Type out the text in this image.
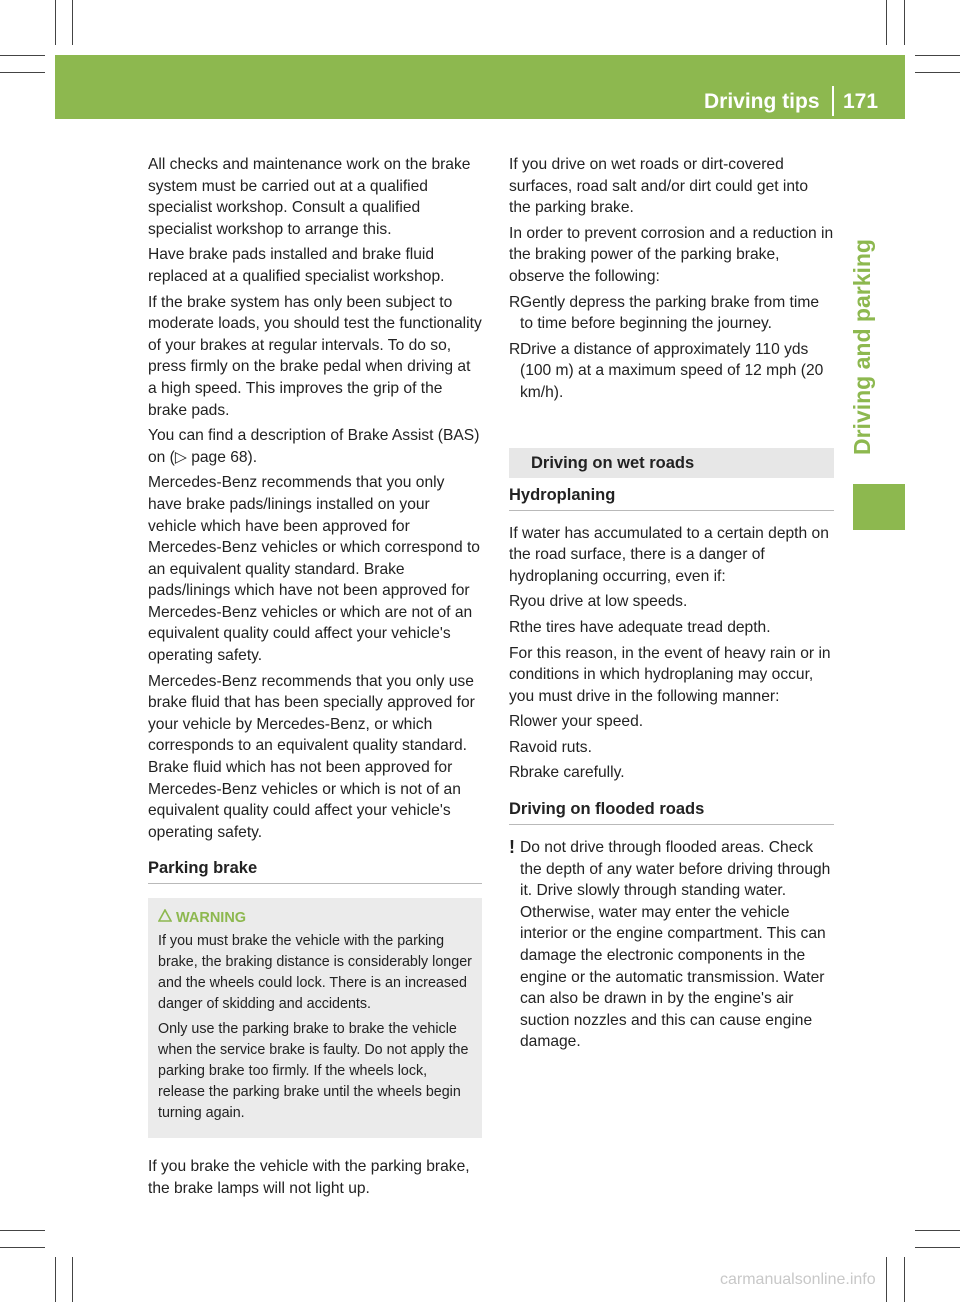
Driving tips 171
Driving and parking

All checks and maintenance work on the brake system must be carried out at a qualified specialist workshop. Consult a qualified specialist workshop to arrange this.

Have brake pads installed and brake fluid replaced at a qualified specialist workshop.

If the brake system has only been subject to moderate loads, you should test the functionality of your brakes at regular intervals. To do so, press firmly on the brake pedal when driving at a high speed. This improves the grip of the brake pads.

You can find a description of Brake Assist (BAS) on (▷ page 68).

Mercedes-Benz recommends that you only have brake pads/linings installed on your vehicle which have been approved for Mercedes-Benz vehicles or which correspond to an equivalent quality standard. Brake pads/linings which have not been approved for Mercedes-Benz vehicles or which are not of an equivalent quality could affect your vehicle's operating safety.

Mercedes-Benz recommends that you only use brake fluid that has been specially approved for your vehicle by Mercedes-Benz, or which corresponds to an equivalent quality standard. Brake fluid which has not been approved for Mercedes-Benz vehicles or which is not of an equivalent quality could affect your vehicle's operating safety.

Parking brake
WARNING

If you must brake the vehicle with the parking brake, the braking distance is considerably longer and the wheels could lock. There is an increased danger of skidding and accidents.

Only use the parking brake to brake the vehicle when the service brake is faulty. Do not apply the parking brake too firmly. If the wheels lock, release the parking brake until the wheels begin turning again.

If you brake the vehicle with the parking brake, the brake lamps will not light up.

If you drive on wet roads or dirt-covered surfaces, road salt and/or dirt could get into the parking brake.

In order to prevent corrosion and a reduction in the braking power of the parking brake, observe the following:

R Gently depress the parking brake from time to time before beginning the journey.
R Drive a distance of approximately 110 yds (100 m) at a maximum speed of 12 mph (20 km/h).
Driving on wet roads
Hydroplaning

If water has accumulated to a certain depth on the road surface, there is a danger of hydroplaning occurring, even if:

R you drive at low speeds.
R the tires have adequate tread depth.

For this reason, in the event of heavy rain or in conditions in which hydroplaning may occur, you must drive in the following manner:

R lower your speed.
R avoid ruts.
R brake carefully.
Driving on flooded roads
! Do not drive through flooded areas. Check the depth of any water before driving through it. Drive slowly through standing water. Otherwise, water may enter the vehicle interior or the engine compartment. This can damage the electronic components in the engine or the automatic transmission. Water can also be drawn in by the engine's air suction nozzles and this can cause engine damage.
carmanualsonline.info
